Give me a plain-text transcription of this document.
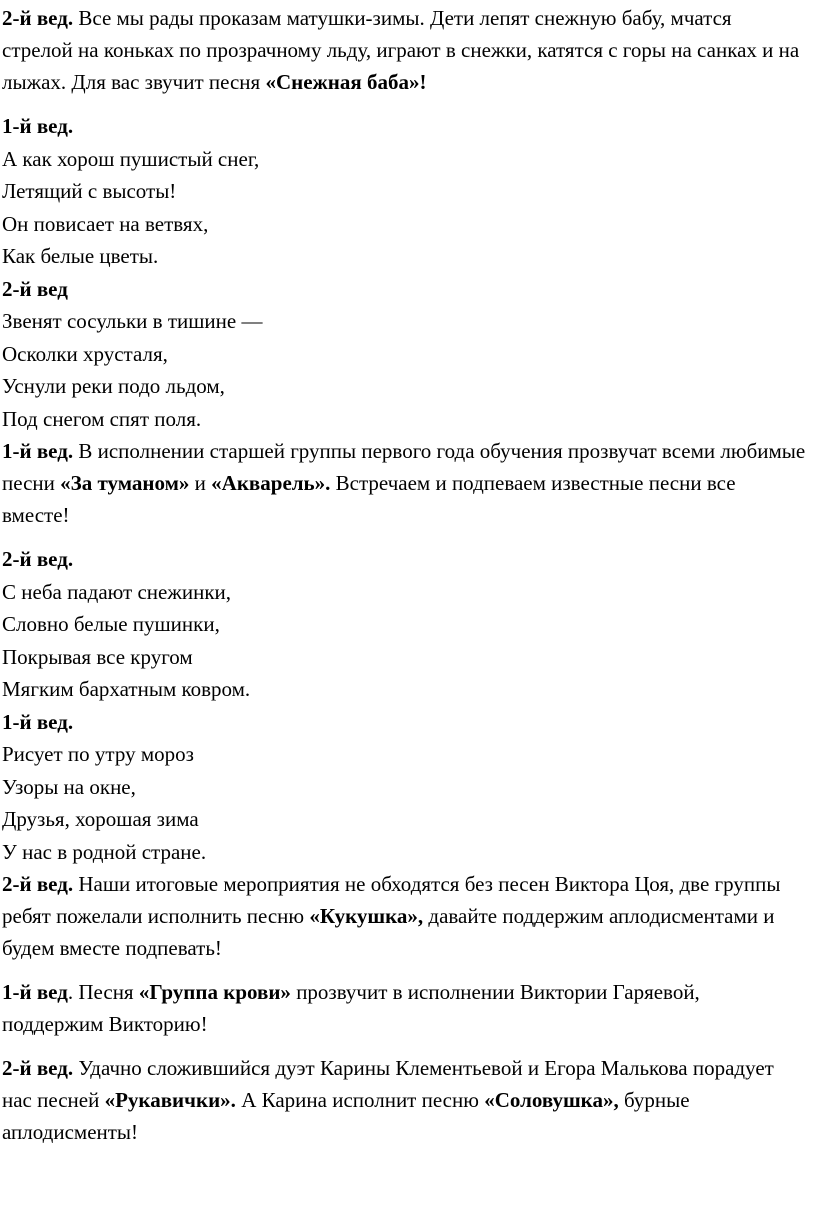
2-й вед. Все мы рады проказам матушки-зимы. Дети лепят снежную бабу, мчатся стрелой на коньках по прозрачному льду, играют в снежки, катятся с горы на санках и на лыжах. Для вас звучит песня «Снежная баба»!

1-й вед.
А как хорош пушистый снег,
Летящий с высоты!
Он повисает на ветвях,
Как белые цветы.
2-й вед
Звенят сосульки в тишине —
Осколки хрусталя,
Уснули реки подо льдом,
Под снегом спят поля.

1-й вед. В исполнении старшей группы первого года обучения прозвучат всеми любимые песни «За туманом» и «Акварель». Встречаем и подпеваем известные песни все вместе!

2-й вед.
С неба падают снежинки,
Словно белые пушинки,
Покрывая все кругом
Мягким бархатным ковром.
1-й вед.
Рисует по утру мороз
Узоры на окне,
Друзья, хорошая зима
У нас в родной стране.

2-й вед. Наши итоговые мероприятия не обходятся без песен Виктора Цоя, две группы ребят пожелали исполнить песню «Кукушка», давайте поддержим аплодисментами и будем вместе подпевать!

1-й вед. Песня «Группа крови» прозвучит в исполнении Виктории Гаряевой, поддержим Викторию!

2-й вед. Удачно сложившийся дуэт Карины Клементьевой и Егора Малькова порадует нас песней «Рукавички». А Карина исполнит песню «Соловушка», бурные аплодисменты!
